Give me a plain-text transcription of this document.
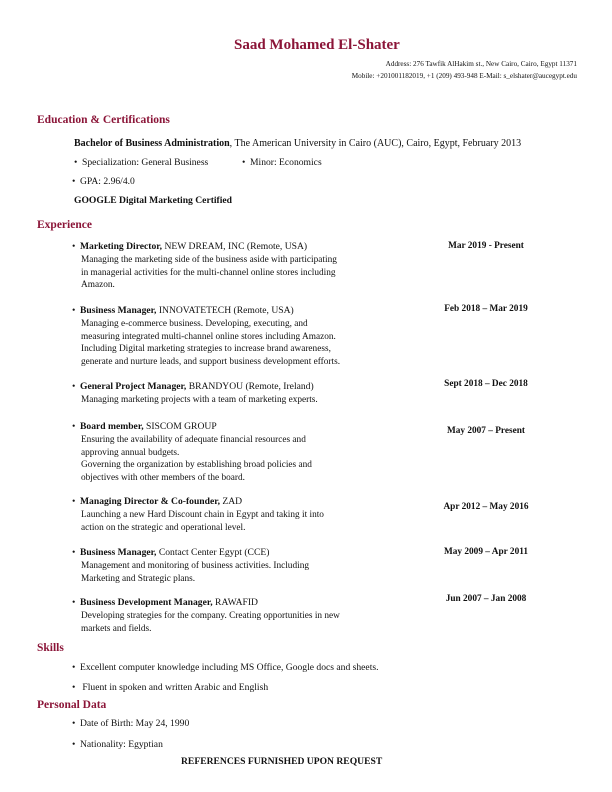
Saad Mohamed El-Shater
Address: 276 Tawfik AlHakim st., New Cairo, Cairo, Egypt 11371
Mobile: +201001182019, +1 (209) 493-948 E-Mail: s_elshater@aucegypt.edu
Education & Certifications
Bachelor of Business Administration, The American University in Cairo (AUC), Cairo, Egypt, February 2013
• Specialization: General Business	• Minor: Economics
• GPA: 2.96/4.0
GOOGLE Digital Marketing Certified
Experience
• Marketing Director, NEW DREAM, INC (Remote, USA)
Managing the marketing side of the business aside with participating
in managerial activities for the multi-channel online stores including
Amazon.
Mar 2019 - Present
• Business Manager, INNOVATETECH (Remote, USA)
Managing e-commerce business. Developing, executing, and
measuring integrated multi-channel online stores including Amazon.
Including Digital marketing strategies to increase brand awareness,
generate and nurture leads, and support business development efforts.
Feb 2018 – Mar 2019
• General Project Manager, BRANDYOU (Remote, Ireland)
Managing marketing projects with a team of marketing experts.
Sept 2018 – Dec 2018
• Board member, SISCOM GROUP
Ensuring the availability of adequate financial resources and
approving annual budgets.
Governing the organization by establishing broad policies and
objectives with other members of the board.
May 2007 – Present
• Managing Director & Co-founder, ZAD
Launching a new Hard Discount chain in Egypt and taking it into
action on the strategic and operational level.
Apr 2012 – May 2016
• Business Manager, Contact Center Egypt (CCE)
Management and monitoring of business activities. Including
Marketing and Strategic plans.
May 2009 – Apr 2011
• Business Development Manager, RAWAFID
Developing strategies for the company. Creating opportunities in new
markets and fields.
Jun 2007 – Jan 2008
Skills
• Excellent computer knowledge including MS Office, Google docs and sheets.
• Fluent in spoken and written Arabic and English
Personal Data
• Date of Birth: May 24, 1990
• Nationality: Egyptian
REFERENCES FURNISHED UPON REQUEST
